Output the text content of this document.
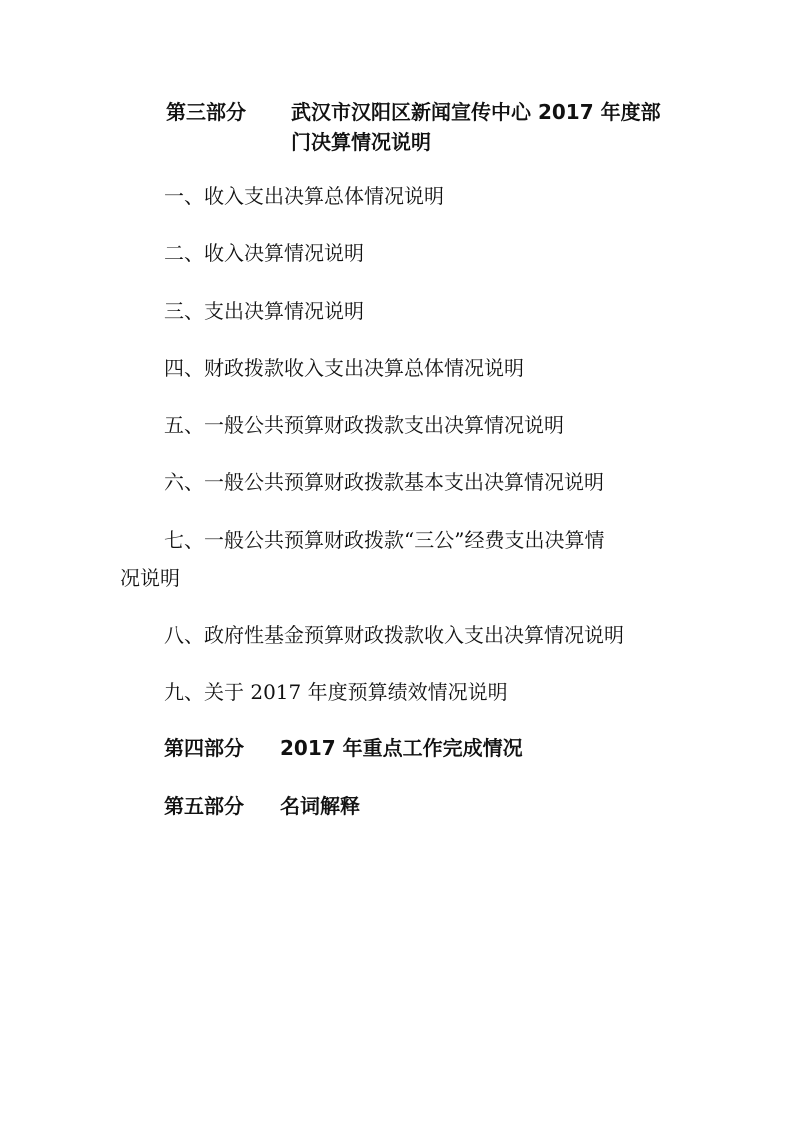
第三部分 武汉市汉阳区新闻宣传中心 2017 年度部
门决算情况说明
一、收入支出决算总体情况说明
二、收入决算情况说明
三、支出决算情况说明
四、财政拨款收入支出决算总体情况说明
五、一般公共预算财政拨款支出决算情况说明
六、一般公共预算财政拨款基本支出决算情况说明
七、一般公共预算财政拨款“三公”经费支出决算情
况说明
八、政府性基金预算财政拨款收入支出决算情况说明
九、关于 2017 年度预算绩效情况说明
第四部分 2017 年重点工作完成情况
第五部分 名词解释
